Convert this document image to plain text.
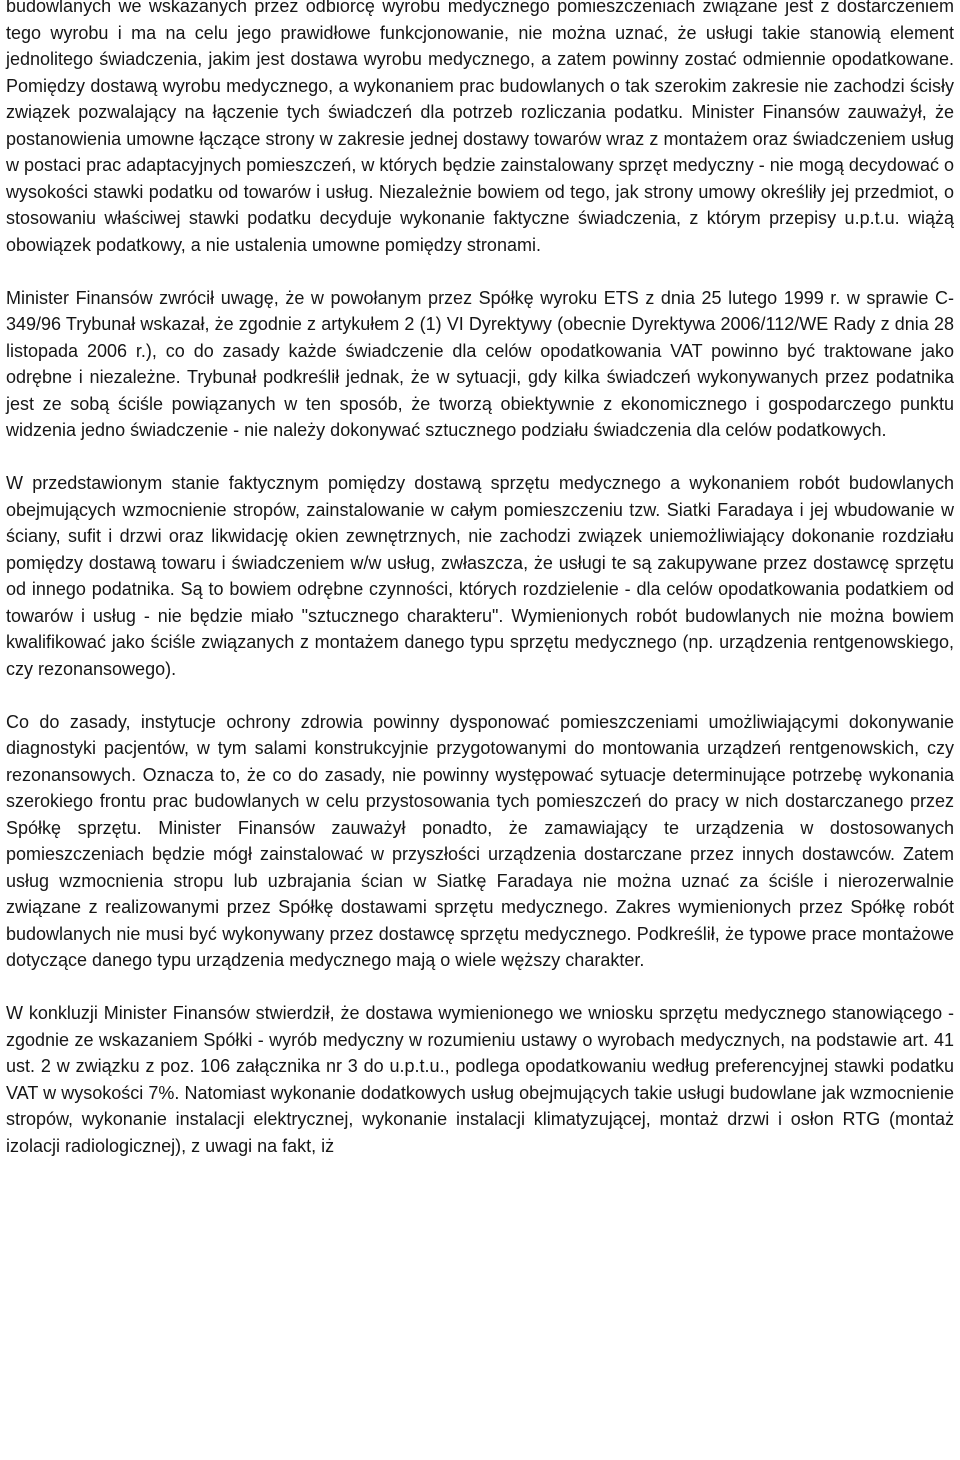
budowlanych we wskazanych przez odbiorcę wyrobu medycznego pomieszczeniach związane jest z dostarczeniem tego wyrobu i ma na celu jego prawidłowe funkcjonowanie, nie można uznać, że usługi takie stanowią element jednolitego świadczenia, jakim jest dostawa wyrobu medycznego, a zatem powinny zostać odmiennie opodatkowane. Pomiędzy dostawą wyrobu medycznego, a wykonaniem prac budowlanych o tak szerokim zakresie nie zachodzi ścisły związek pozwalający na łączenie tych świadczeń dla potrzeb rozliczania podatku. Minister Finansów zauważył, że postanowienia umowne łączące strony w zakresie jednej dostawy towarów wraz z montażem oraz świadczeniem usług w postaci prac adaptacyjnych pomieszczeń, w których będzie zainstalowany sprzęt medyczny - nie mogą decydować o wysokości stawki podatku od towarów i usług. Niezależnie bowiem od tego, jak strony umowy określiły jej przedmiot, o stosowaniu właściwej stawki podatku decyduje wykonanie faktyczne świadczenia, z którym przepisy u.p.t.u. wiążą obowiązek podatkowy, a nie ustalenia umowne pomiędzy stronami.

Minister Finansów zwrócił uwagę, że w powołanym przez Spółkę wyroku ETS z dnia 25 lutego 1999 r. w sprawie C-349/96 Trybunał wskazał, że zgodnie z artykułem 2 (1) VI Dyrektywy (obecnie Dyrektywa 2006/112/WE Rady z dnia 28 listopada 2006 r.), co do zasady każde świadczenie dla celów opodatkowania VAT powinno być traktowane jako odrębne i niezależne. Trybunał podkreślił jednak, że w sytuacji, gdy kilka świadczeń wykonywanych przez podatnika jest ze sobą ściśle powiązanych w ten sposób, że tworzą obiektywnie z ekonomicznego i gospodarczego punktu widzenia jedno świadczenie - nie należy dokonywać sztucznego podziału świadczenia dla celów podatkowych.

W przedstawionym stanie faktycznym pomiędzy dostawą sprzętu medycznego a wykonaniem robót budowlanych obejmujących wzmocnienie stropów, zainstalowanie w całym pomieszczeniu tzw. Siatki Faradaya i jej wbudowanie w ściany, sufit i drzwi oraz likwidację okien zewnętrznych, nie zachodzi związek uniemożliwiający dokonanie rozdziału pomiędzy dostawą towaru i świadczeniem w/w usług, zwłaszcza, że usługi te są zakupywane przez dostawcę sprzętu od innego podatnika. Są to bowiem odrębne czynności, których rozdzielenie - dla celów opodatkowania podatkiem od towarów i usług - nie będzie miało "sztucznego charakteru". Wymienionych robót budowlanych nie można bowiem kwalifikować jako ściśle związanych z montażem danego typu sprzętu medycznego (np. urządzenia rentgenowskiego, czy rezonansowego).

Co do zasady, instytucje ochrony zdrowia powinny dysponować pomieszczeniami umożliwiającymi dokonywanie diagnostyki pacjentów, w tym salami konstrukcyjnie przygotowanymi do montowania urządzeń rentgenowskich, czy rezonansowych. Oznacza to, że co do zasady, nie powinny występować sytuacje determinujące potrzebę wykonania szerokiego frontu prac budowlanych w celu przystosowania tych pomieszczeń do pracy w nich dostarczanego przez Spółkę sprzętu. Minister Finansów zauważył ponadto, że zamawiający te urządzenia w dostosowanych pomieszczeniach będzie mógł zainstalować w przyszłości urządzenia dostarczane przez innych dostawców. Zatem usług wzmocnienia stropu lub uzbrajania ścian w Siatkę Faradaya nie można uznać za ściśle i nierozerwalnie związane z realizowanymi przez Spółkę dostawami sprzętu medycznego. Zakres wymienionych przez Spółkę robót budowlanych nie musi być wykonywany przez dostawcę sprzętu medycznego. Podkreślił, że typowe prace montażowe dotyczące danego typu urządzenia medycznego mają o wiele węższy charakter.

W konkluzji Minister Finansów stwierdził, że dostawa wymienionego we wniosku sprzętu medycznego stanowiącego - zgodnie ze wskazaniem Spółki - wyrób medyczny w rozumieniu ustawy o wyrobach medycznych, na podstawie art. 41 ust. 2 w związku z poz. 106 załącznika nr 3 do u.p.t.u., podlega opodatkowaniu według preferencyjnej stawki podatku VAT w wysokości 7%. Natomiast wykonanie dodatkowych usług obejmujących takie usługi budowlane jak wzmocnienie stropów, wykonanie instalacji elektrycznej, wykonanie instalacji klimatyzującej, montaż drzwi i osłon RTG (montaż izolacji radiologicznej), z uwagi na fakt, iż
